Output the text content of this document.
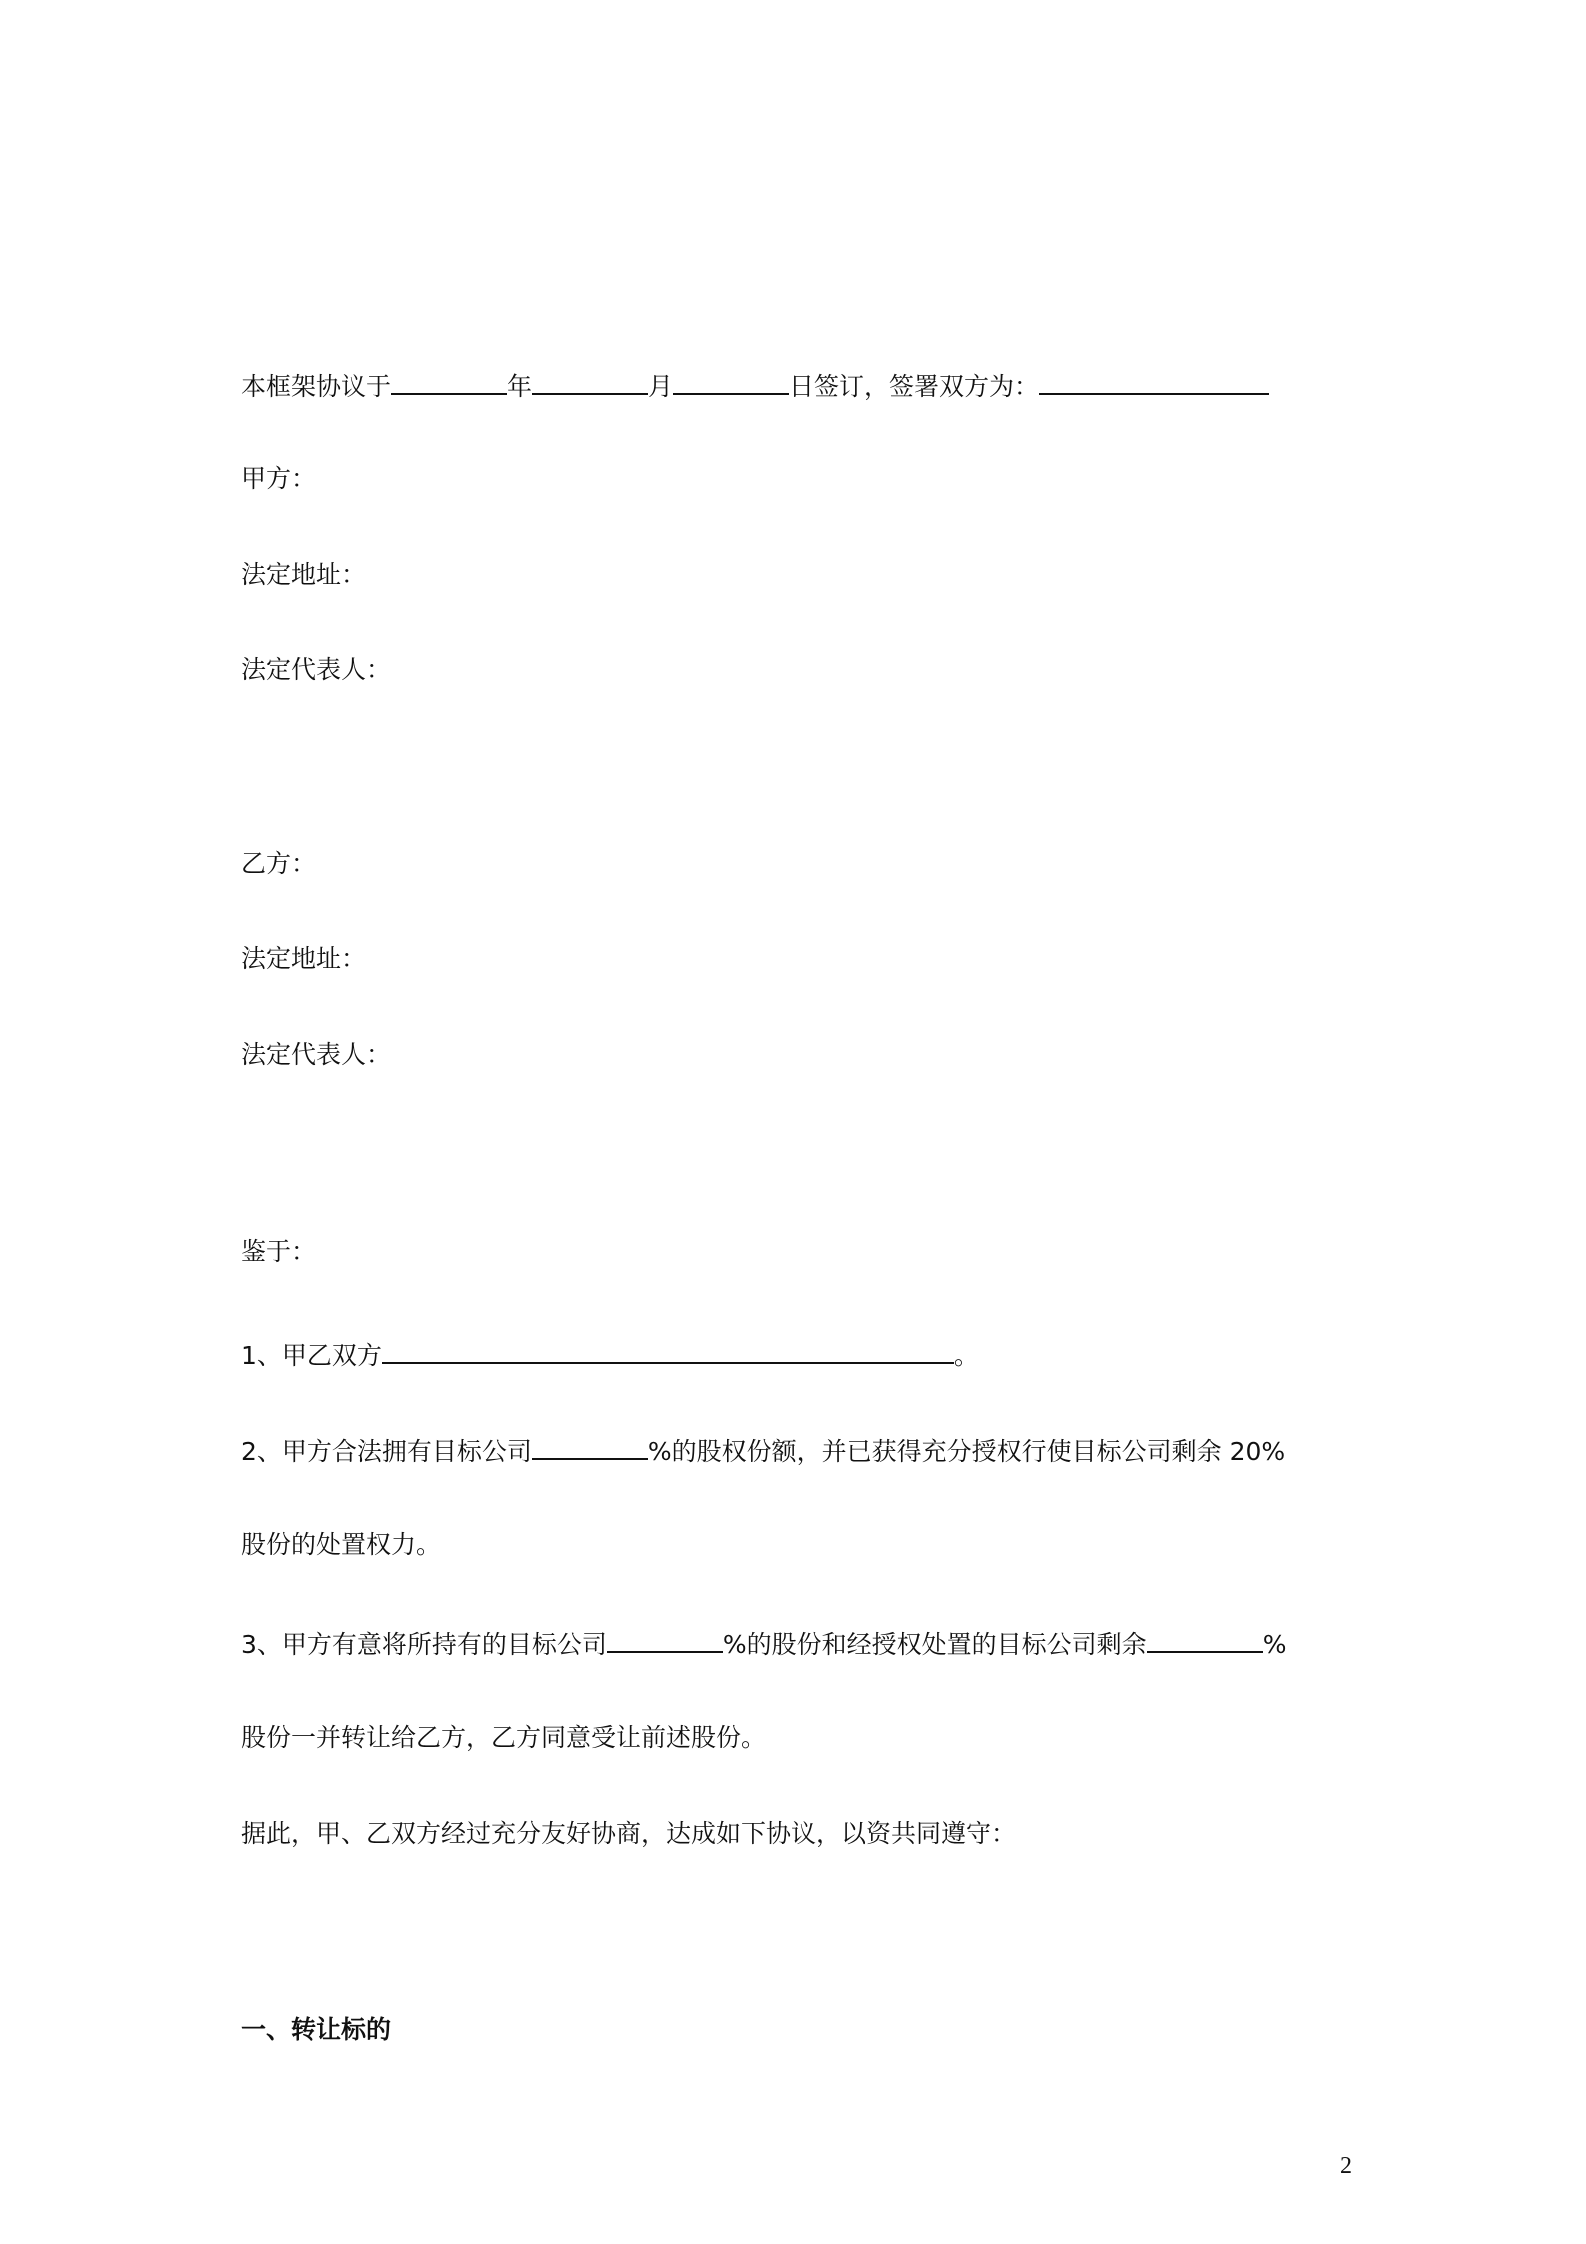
本框架协议于	年	月	日签订，签署双方为：
甲方：
法定地址：
法定代表人：
乙方：
法定地址：
法定代表人：
鉴于：
1、甲乙双方	。
2、甲方合法拥有目标公司	%的股权份额，并已获得充分授权行使目标公司剩余 20%
股份的处置权力。
3、甲方有意将所持有的目标公司	%的股份和经授权处置的目标公司剩余	%
股份一并转让给乙方，乙方同意受让前述股份。
据此，甲、乙双方经过充分友好协商，达成如下协议，以资共同遵守：
一、转让标的
2
